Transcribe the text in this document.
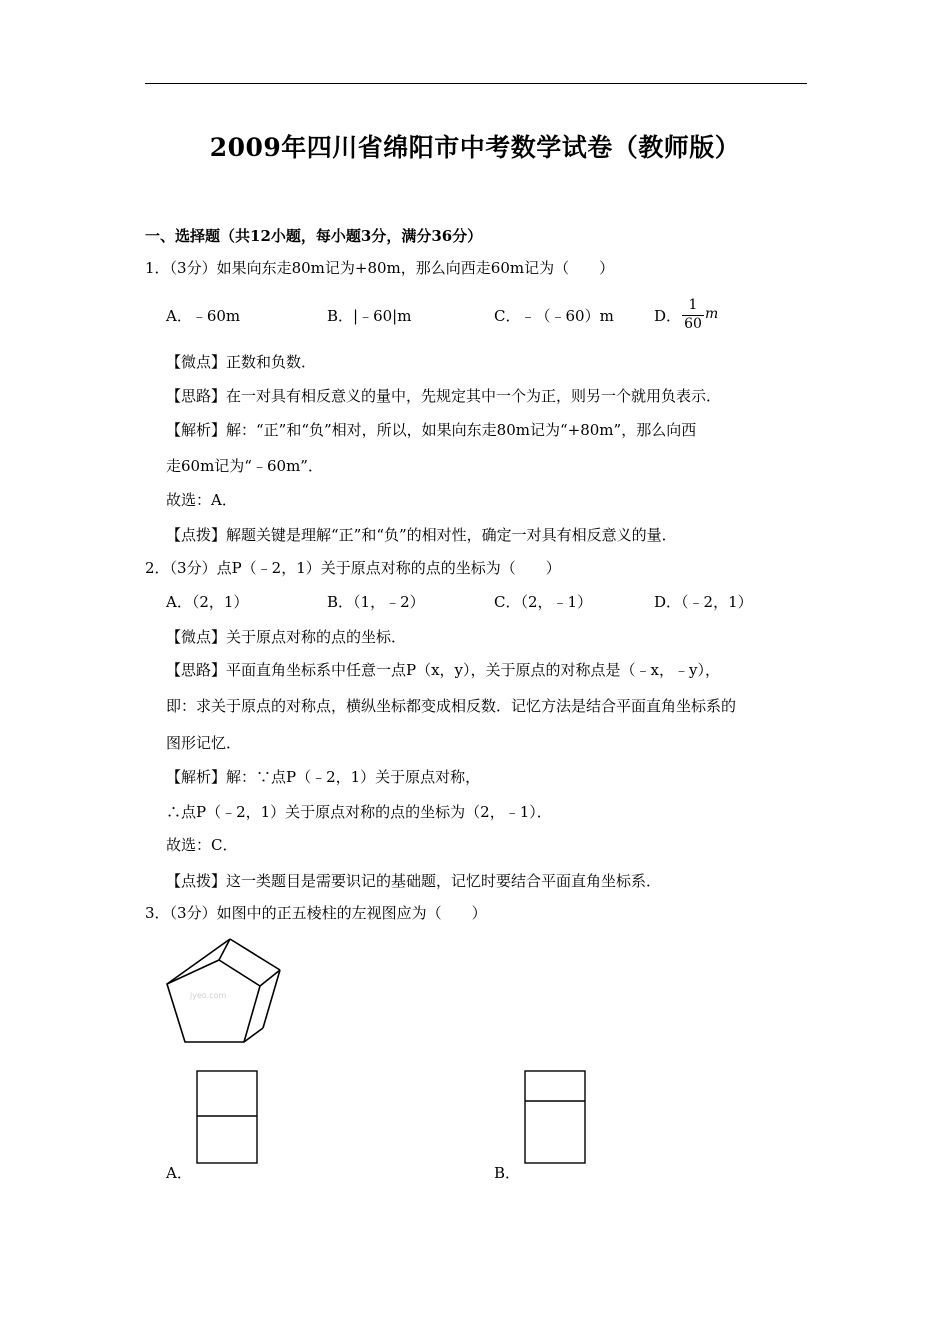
2009年四川省绵阳市中考数学试卷（教师版）
一、选择题（共12小题，每小题3分，满分36分）
1．（3分）如果向东走80m记为+80m，那么向西走60m记为（　　）
A．﹣60m	B．|﹣60|m	C．﹣（﹣60）m	D．
1
60
m
【微点】正数和负数．
【思路】在一对具有相反意义的量中，先规定其中一个为正，则另一个就用负表示．
【解析】解：“正”和“负”相对，所以，如果向东走80m记为“+80m”，那么向西
走60m记为“﹣60m”．
故选：A．
【点拨】解题关键是理解“正”和“负”的相对性，确定一对具有相反意义的量．
2．（3分）点P（﹣2，1）关于原点对称的点的坐标为（　　）
A．（2，1）	B．（1，﹣2）	C．（2，﹣1）	D．（﹣2，1）
【微点】关于原点对称的点的坐标．
【思路】平面直角坐标系中任意一点P（x，y），关于原点的对称点是（﹣x，﹣y），
即：求关于原点的对称点，横纵坐标都变成相反数．记忆方法是结合平面直角坐标系的
图形记忆．
【解析】解：∵点P（﹣2，1）关于原点对称，
∴点P（﹣2，1）关于原点对称的点的坐标为（2，﹣1）．
故选：C．
【点拨】这一类题目是需要识记的基础题，记忆时要结合平面直角坐标系．
3．（3分）如图中的正五棱柱的左视图应为（　　）
jyeo.com
A．	B．
